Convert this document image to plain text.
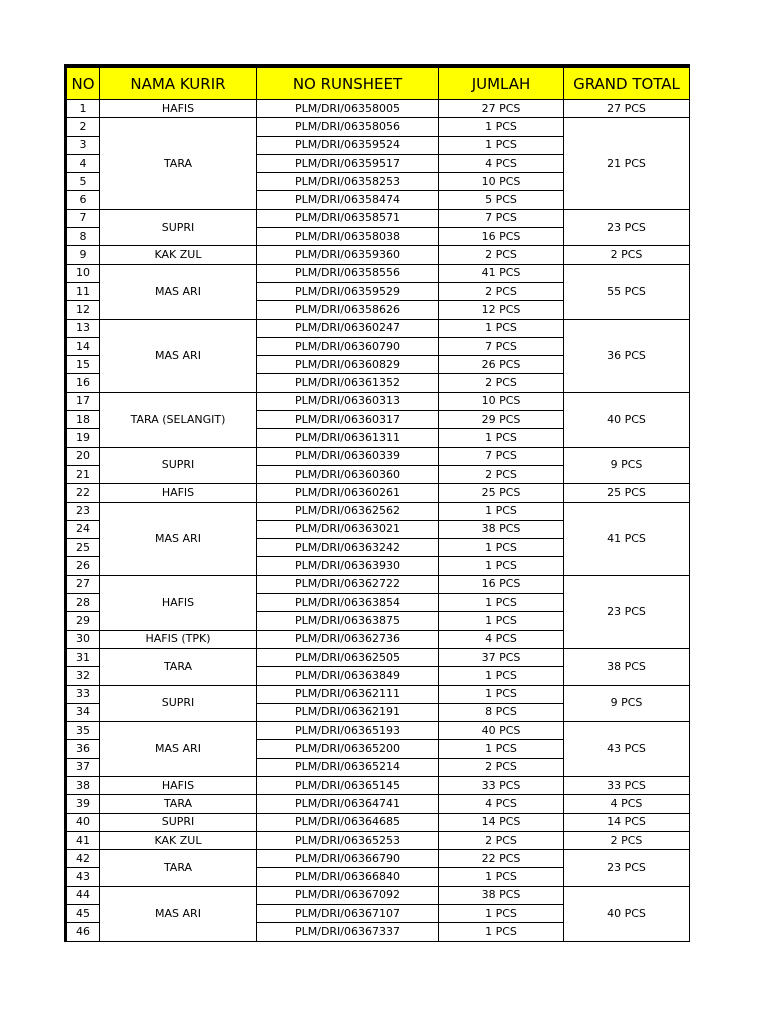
NO	NAMA KURIR	NO RUNSHEET	JUMLAH	GRAND TOTAL
1	HAFIS	PLM/DRI/06358005	27 PCS	27 PCS
2	TARA	PLM/DRI/06358056	1 PCS	21 PCS
3		PLM/DRI/06359524	1 PCS	
4		PLM/DRI/06359517	4 PCS	
5		PLM/DRI/06358253	10 PCS	
6		PLM/DRI/06358474	5 PCS	
7	SUPRI	PLM/DRI/06358571	7 PCS	23 PCS
8		PLM/DRI/06358038	16 PCS	
9	KAK ZUL	PLM/DRI/06359360	2 PCS	2 PCS
10	MAS ARI	PLM/DRI/06358556	41 PCS	55 PCS
11		PLM/DRI/06359529	2 PCS	
12		PLM/DRI/06358626	12 PCS	
13	MAS ARI	PLM/DRI/06360247	1 PCS	36 PCS
14		PLM/DRI/06360790	7 PCS	
15		PLM/DRI/06360829	26 PCS	
16		PLM/DRI/06361352	2 PCS	
17	TARA (SELANGIT)	PLM/DRI/06360313	10 PCS	40 PCS
18		PLM/DRI/06360317	29 PCS	
19		PLM/DRI/06361311	1 PCS	
20	SUPRI	PLM/DRI/06360339	7 PCS	9 PCS
21		PLM/DRI/06360360	2 PCS	
22	HAFIS	PLM/DRI/06360261	25 PCS	25 PCS
23	MAS ARI	PLM/DRI/06362562	1 PCS	41 PCS
24		PLM/DRI/06363021	38 PCS	
25		PLM/DRI/06363242	1 PCS	
26		PLM/DRI/06363930	1 PCS	
27	HAFIS	PLM/DRI/06362722	16 PCS	23 PCS
28		PLM/DRI/06363854	1 PCS	
29		PLM/DRI/06363875	1 PCS	
30	HAFIS (TPK)	PLM/DRI/06362736	4 PCS	
31	TARA	PLM/DRI/06362505	37 PCS	38 PCS
32		PLM/DRI/06363849	1 PCS	
33	SUPRI	PLM/DRI/06362111	1 PCS	9 PCS
34		PLM/DRI/06362191	8 PCS	
35	MAS ARI	PLM/DRI/06365193	40 PCS	43 PCS
36		PLM/DRI/06365200	1 PCS	
37		PLM/DRI/06365214	2 PCS	
38	HAFIS	PLM/DRI/06365145	33 PCS	33 PCS
39	TARA	PLM/DRI/06364741	4 PCS	4 PCS
40	SUPRI	PLM/DRI/06364685	14 PCS	14 PCS
41	KAK ZUL	PLM/DRI/06365253	2 PCS	2 PCS
42	TARA	PLM/DRI/06366790	22 PCS	23 PCS
43		PLM/DRI/06366840	1 PCS	
44	MAS ARI	PLM/DRI/06367092	38 PCS	40 PCS
45		PLM/DRI/06367107	1 PCS	
46		PLM/DRI/06367337	1 PCS	
